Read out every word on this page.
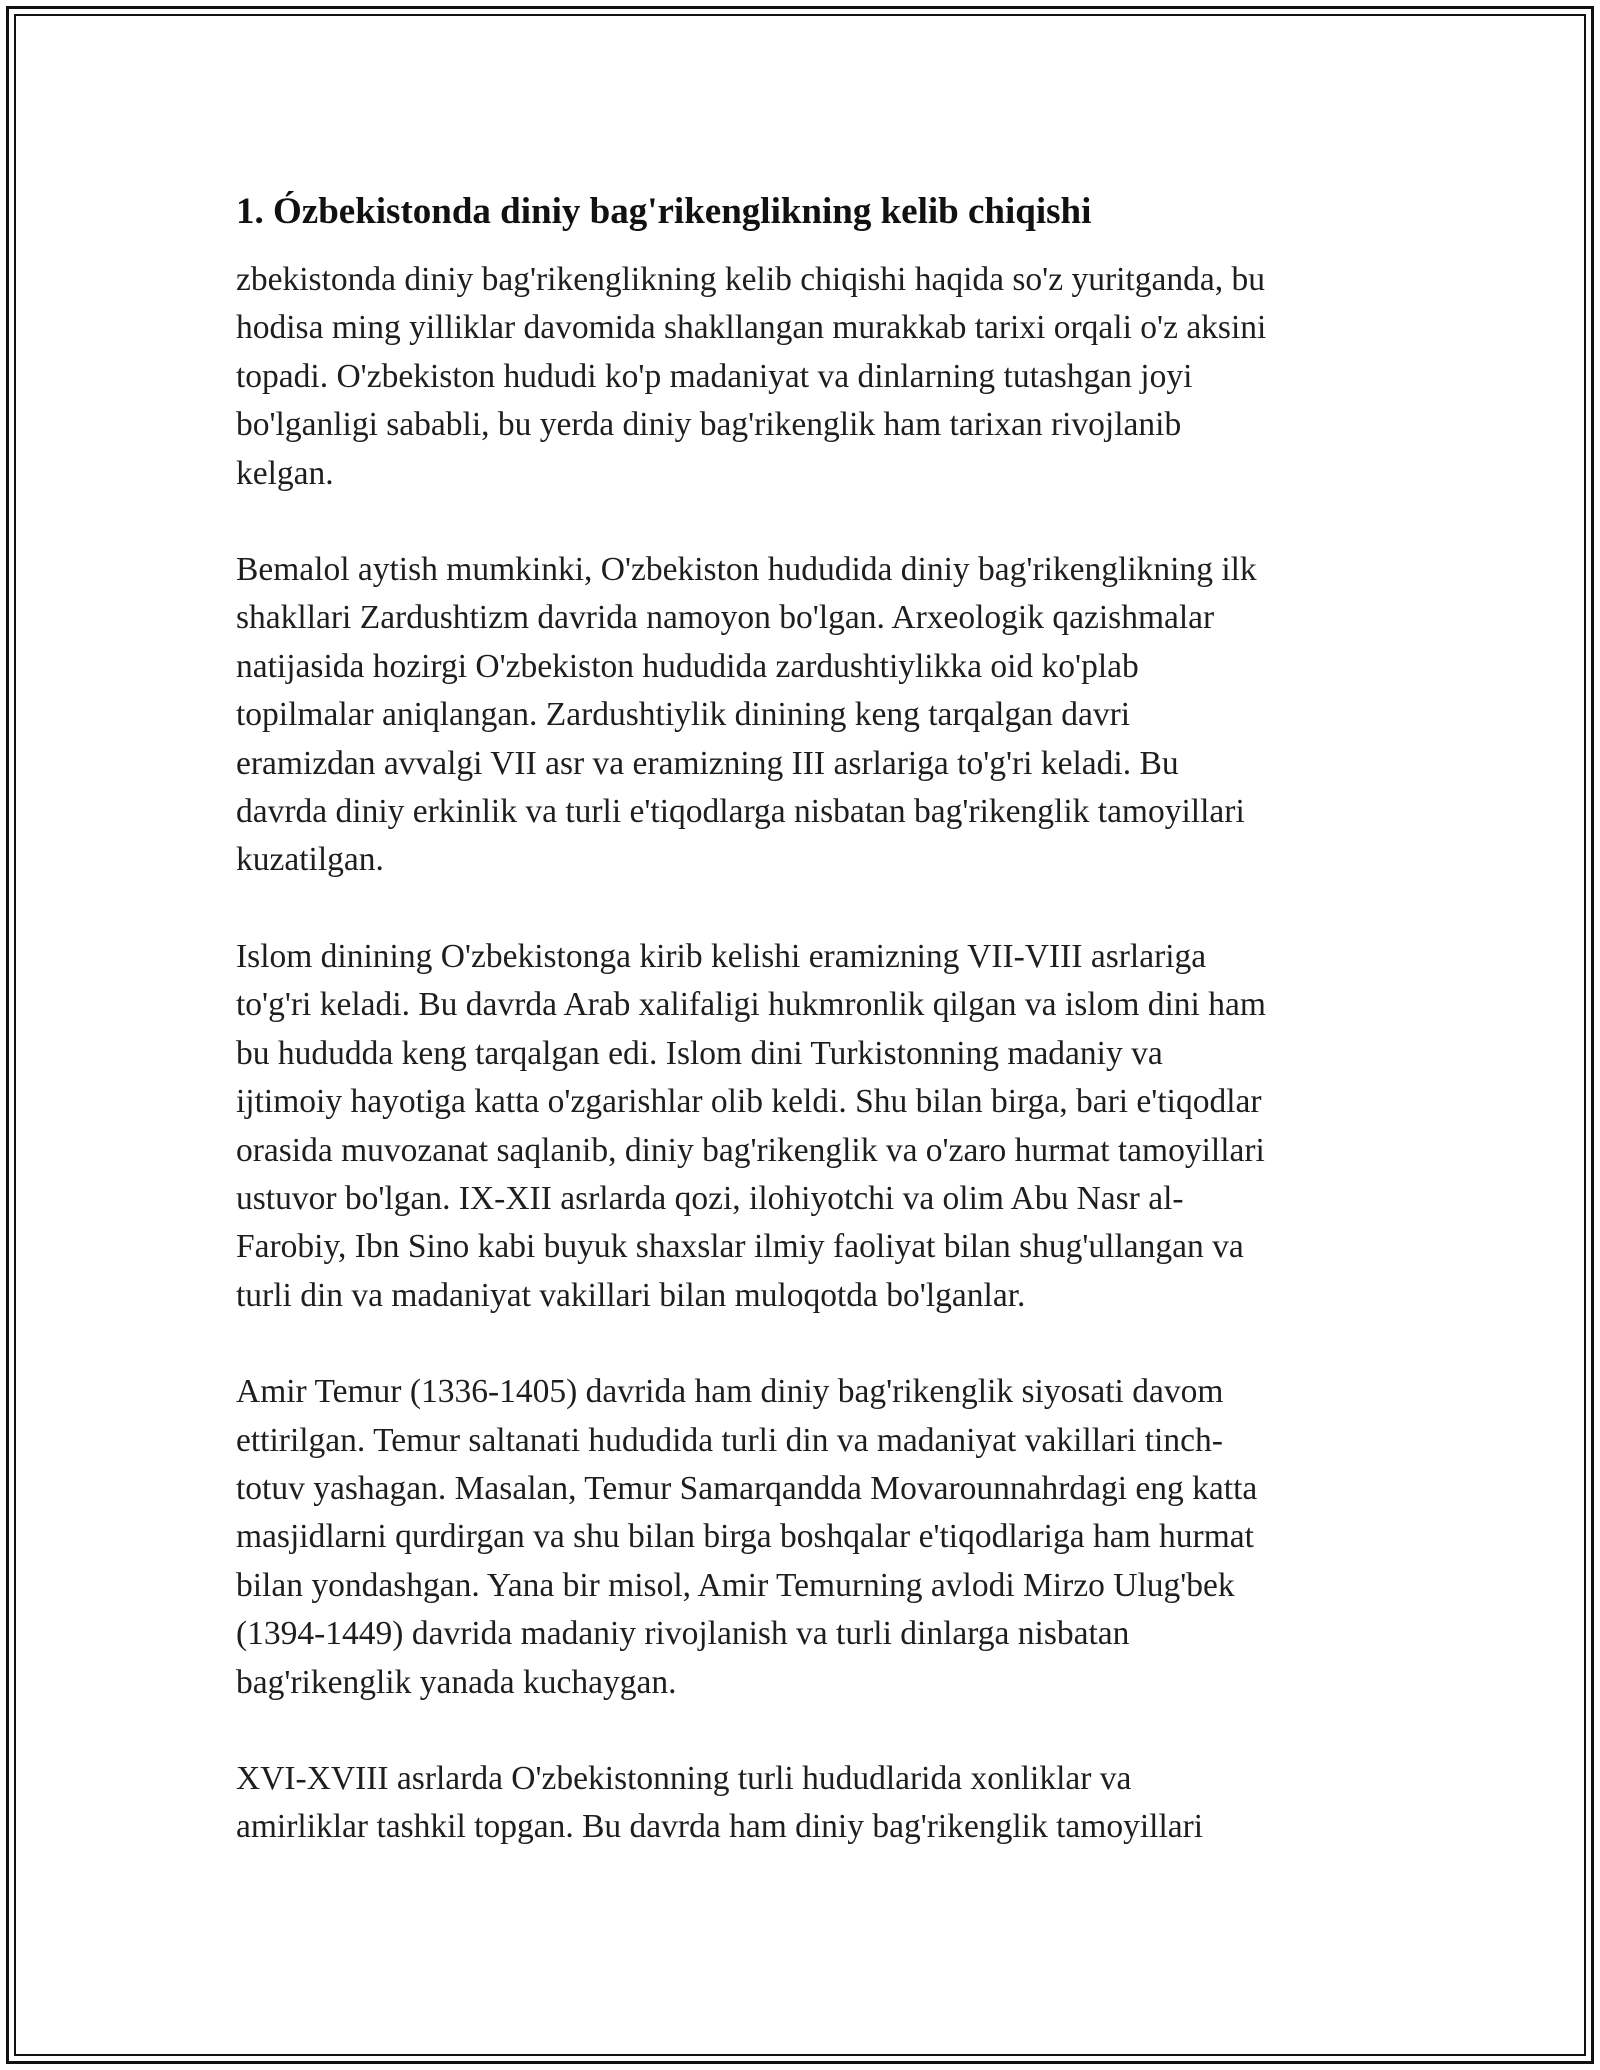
1. Ózbekistonda diniy bag'rikenglikning kelib chiqishi
zbekistonda diniy bag'rikenglikning kelib chiqishi haqida so'z yuritganda, bu
hodisa ming yilliklar davomida shakllangan murakkab tarixi orqali o'z aksini
topadi. O'zbekiston hududi ko'p madaniyat va dinlarning tutashgan joyi
bo'lganligi sababli, bu yerda diniy bag'rikenglik ham tarixan rivojlanib
kelgan.
Bemalol aytish mumkinki, O'zbekiston hududida diniy bag'rikenglikning ilk
shakllari Zardushtizm davrida namoyon bo'lgan. Arxeologik qazishmalar
natijasida hozirgi O'zbekiston hududida zardushtiylikka oid ko'plab
topilmalar aniqlangan. Zardushtiylik dinining keng tarqalgan davri
eramizdan avvalgi VII asr va eramizning III asrlariga to'g'ri keladi. Bu
davrda diniy erkinlik va turli e'tiqodlarga nisbatan bag'rikenglik tamoyillari
kuzatilgan.
Islom dinining O'zbekistonga kirib kelishi eramizning VII-VIII asrlariga
to'g'ri keladi. Bu davrda Arab xalifaligi hukmronlik qilgan va islom dini ham
bu hududda keng tarqalgan edi. Islom dini Turkistonning madaniy va
ijtimoiy hayotiga katta o'zgarishlar olib keldi. Shu bilan birga, bari e'tiqodlar
orasida muvozanat saqlanib, diniy bag'rikenglik va o'zaro hurmat tamoyillari
ustuvor bo'lgan. IX-XII asrlarda qozi, ilohiyotchi va olim Abu Nasr al-
Farobiy, Ibn Sino kabi buyuk shaxslar ilmiy faoliyat bilan shug'ullangan va
turli din va madaniyat vakillari bilan muloqotda bo'lganlar.
Amir Temur (1336-1405) davrida ham diniy bag'rikenglik siyosati davom
ettirilgan. Temur saltanati hududida turli din va madaniyat vakillari tinch-
totuv yashagan. Masalan, Temur Samarqandda Movarounnahrdagi eng katta
masjidlarni qurdirgan va shu bilan birga boshqalar e'tiqodlariga ham hurmat
bilan yondashgan. Yana bir misol, Amir Temurning avlodi Mirzo Ulug'bek
(1394-1449) davrida madaniy rivojlanish va turli dinlarga nisbatan
bag'rikenglik yanada kuchaygan.
XVI-XVIII asrlarda O'zbekistonning turli hududlarida xonliklar va
amirliklar tashkil topgan. Bu davrda ham diniy bag'rikenglik tamoyillari
